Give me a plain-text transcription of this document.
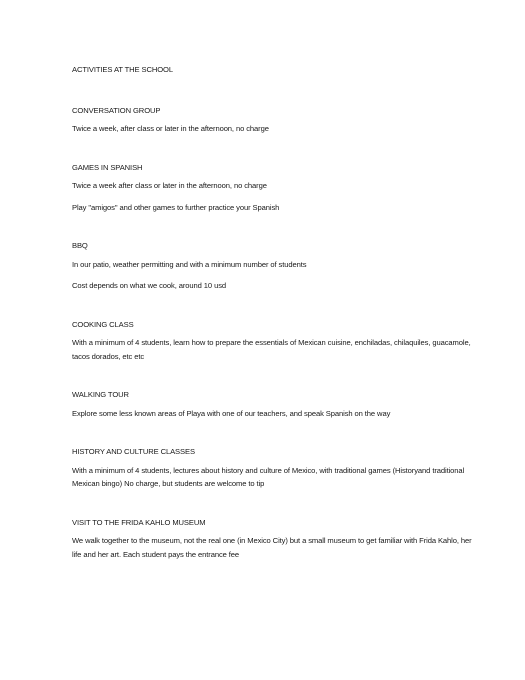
ACTIVITIES AT THE SCHOOL
CONVERSATION GROUP
Twice a week, after class or later in the afternoon, no charge
GAMES IN SPANISH
Twice a week after class or later in the afternoon, no charge
Play "amigos" and other games to further practice your Spanish
BBQ
In our patio, weather permitting and with a minimum number of students
Cost depends on what we cook, around 10 usd
COOKING CLASS
With a minimum of 4 students, learn how to prepare the essentials of Mexican cuisine, enchiladas, chilaquiles, guacamole, tacos dorados, etc etc
WALKING TOUR
Explore some less known areas of Playa with one of our teachers, and speak Spanish on the way
HISTORY AND CULTURE CLASSES
With a minimum of 4 students, lectures about history and culture of Mexico, with traditional games (Historyand traditional Mexican bingo) No charge, but students are welcome to tip
VISIT TO THE FRIDA KAHLO MUSEUM
We walk together to the museum, not the real one (in Mexico City) but a small museum to get familiar with Frida Kahlo, her life and her art. Each student pays the entrance fee
